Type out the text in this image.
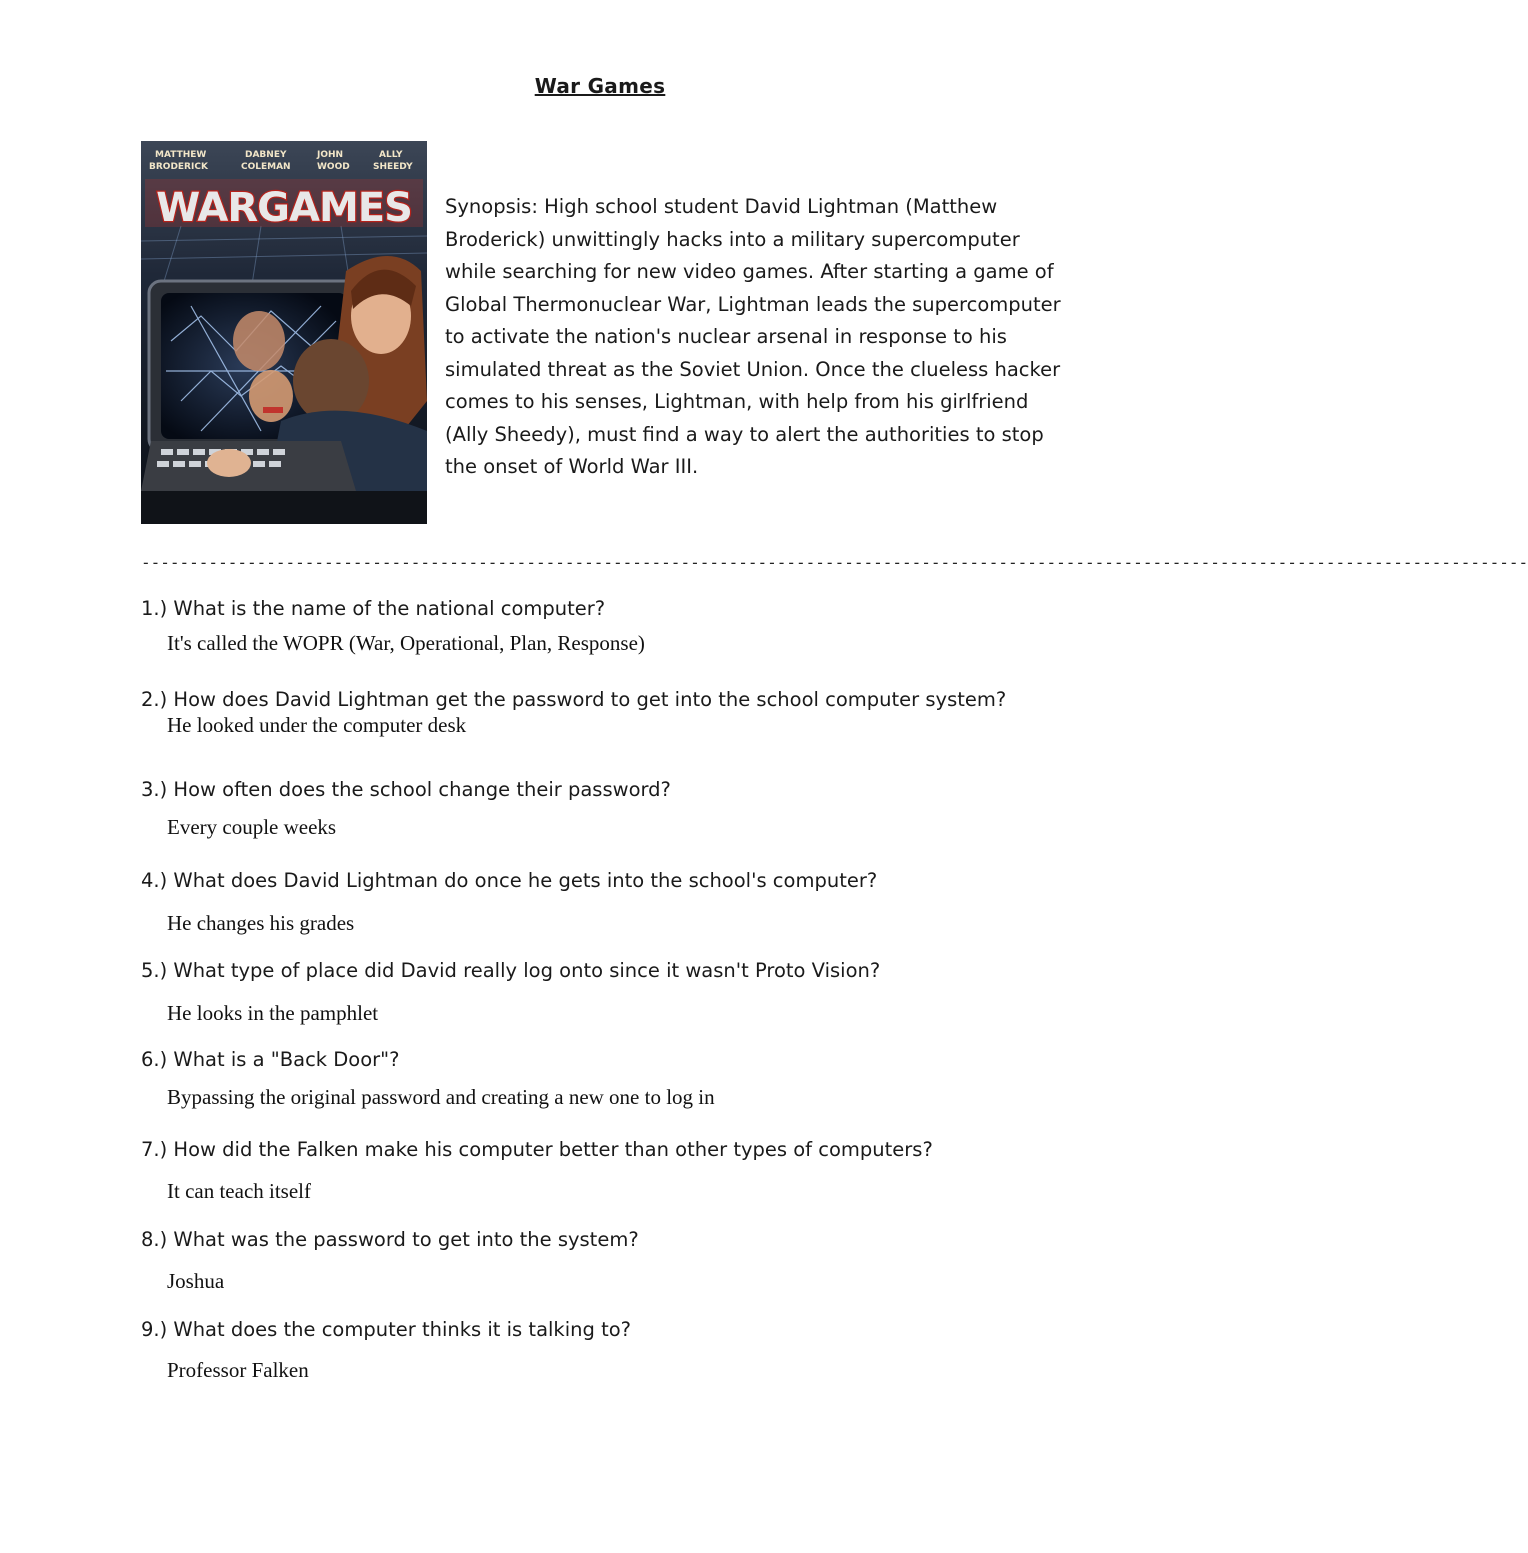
War Games
MATTHEW
BRODERICK
DABNEY
COLEMAN
JOHN
WOOD
ALLY
SHEEDY
WARGAMES Synopsis: High school student David Lightman (Matthew Broderick) unwittingly hacks into a military supercomputer while searching for new video games. After starting a game of Global Thermonuclear War, Lightman leads the supercomputer to activate the nation's nuclear arsenal in response to his simulated threat as the Soviet Union. Once the clueless hacker comes to his senses, Lightman, with help from his girlfriend (Ally Sheedy), must find a way to alert the authorities to stop the onset of World War III.
------------------------------------------------------------------------------------------------------------------------------------------------
1.) What is the name of the national computer?
It's called the WOPR (War, Operational, Plan, Response)
2.) How does David Lightman get the password to get into the school computer system?
He looked under the computer desk
3.) How often does the school change their password?
Every couple weeks
4.) What does David Lightman do once he gets into the school's computer?
He changes his grades
5.) What type of place did David really log onto since it wasn't Proto Vision?
He looks in the pamphlet
6.) What is a "Back Door"?
Bypassing the original password and creating a new one to log in
7.) How did the Falken make his computer better than other types of computers?
It can teach itself
8.) What was the password to get into the system?
Joshua
9.) What does the computer thinks it is talking to?
Professor Falken
